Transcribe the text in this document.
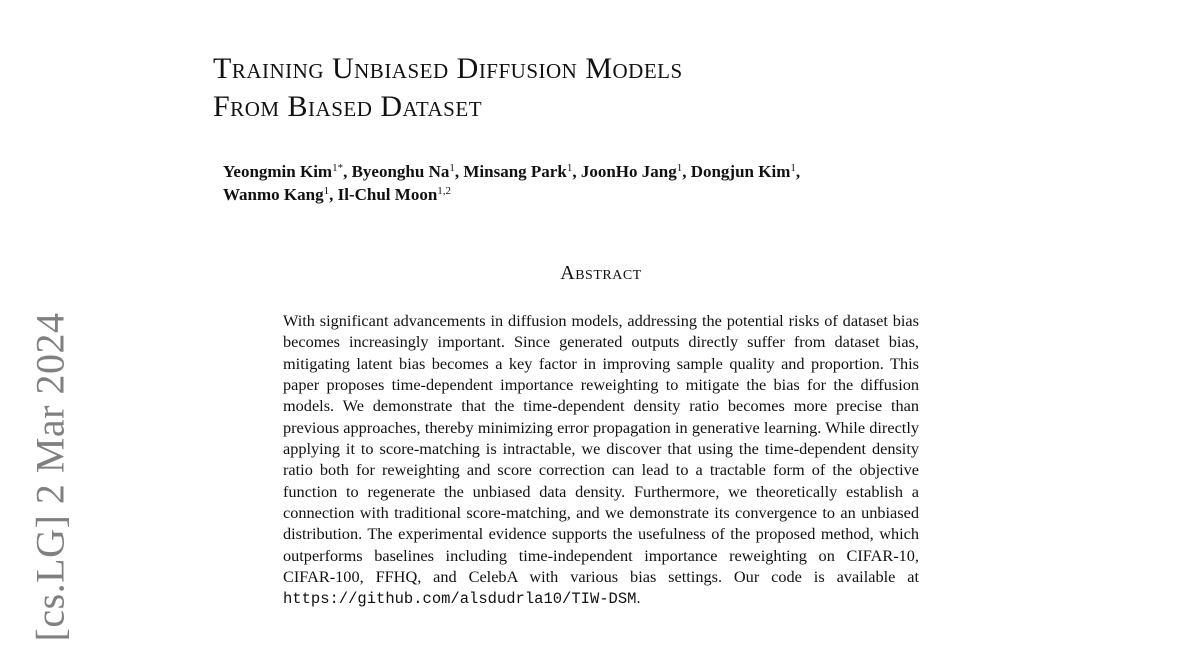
[cs.LG] 2 Mar 2024
Training Unbiased Diffusion Models
From Biased Dataset
Yeongmin Kim$^{1*}$, Byeonghu Na$^1$, Minsang Park$^1$, JoonHo Jang$^1$, Dongjun Kim$^1$,
Wanmo Kang$^1$, Il-Chul Moon$^{1,2}$
Abstract
With significant advancements in diffusion models, addressing the potential risks of dataset bias becomes increasingly important. Since generated outputs directly suffer from dataset bias, mitigating latent bias becomes a key factor in improving sample quality and proportion. This paper proposes time-dependent importance reweighting to mitigate the bias for the diffusion models. We demonstrate that the time-dependent density ratio becomes more precise than previous approaches, thereby minimizing error propagation in generative learning. While directly applying it to score-matching is intractable, we discover that using the time-dependent density ratio both for reweighting and score correction can lead to a tractable form of the objective function to regenerate the unbiased data density. Furthermore, we theoretically establish a connection with traditional score-matching, and we demonstrate its convergence to an unbiased distribution. The experimental evidence supports the usefulness of the proposed method, which outperforms baselines including time-independent importance reweighting on CIFAR-10, CIFAR-100, FFHQ, and CelebA with various bias settings. Our code is available at https://github.com/alsdudrla10/TIW-DSM.
